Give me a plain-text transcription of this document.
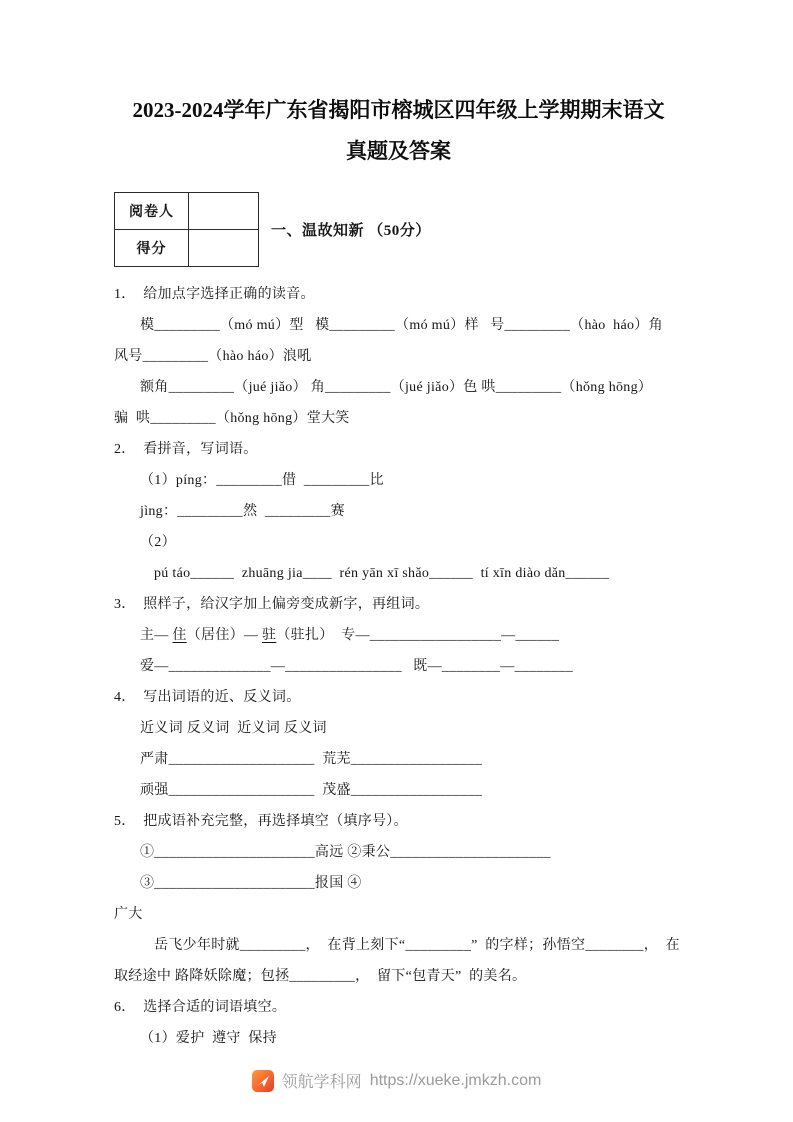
2023-2024学年广东省揭阳市榕城区四年级上学期期末语文
真题及答案
阅卷人	
得分	
一、温故知新 （50分）
1．  给加点字选择正确的读音。
模_________（mó mú）型   模_________（mó mú）样   号_________（hào  háo）角
风号_________（hào háo）浪吼
额角_________（jué jiǎo） 角_________（jué jiǎo）色 哄_________（hǒng hōng）
骗  哄_________（hǒng hōng）堂大笑
2．  看拼音，写词语。
（1）píng：_________借  _________比
jìng：_________然  _________赛
（2）
pú táo______  zhuāng jia____  rén yān xī shǎo______  tí xīn diào dǎn______
3．  照样子，给汉字加上偏旁变成新字，再组词。
主— 住（居住）— 驻（驻扎）  专—__________________—______
爱—______________—________________   既—________—________
4．  写出词语的近、反义词。
近义词 反义词  近义词 反义词
严肃____________________  荒芜__________________
顽强____________________  茂盛__________________
5．  把成语补充完整，再选择填空（填序号）。
①______________________高远 ②秉公______________________ ③______________________报国 ④
广大
岳飞少年时就_________，  在背上刻下“_________”  的字样；孙悟空________，  在
取经途中 路降妖除魔；包拯_________，  留下“包青天”  的美名。
6．  选择合适的词语填空。
（1）爱护  遵守  保持
领航学科网 https://xueke.jmkzh.com
